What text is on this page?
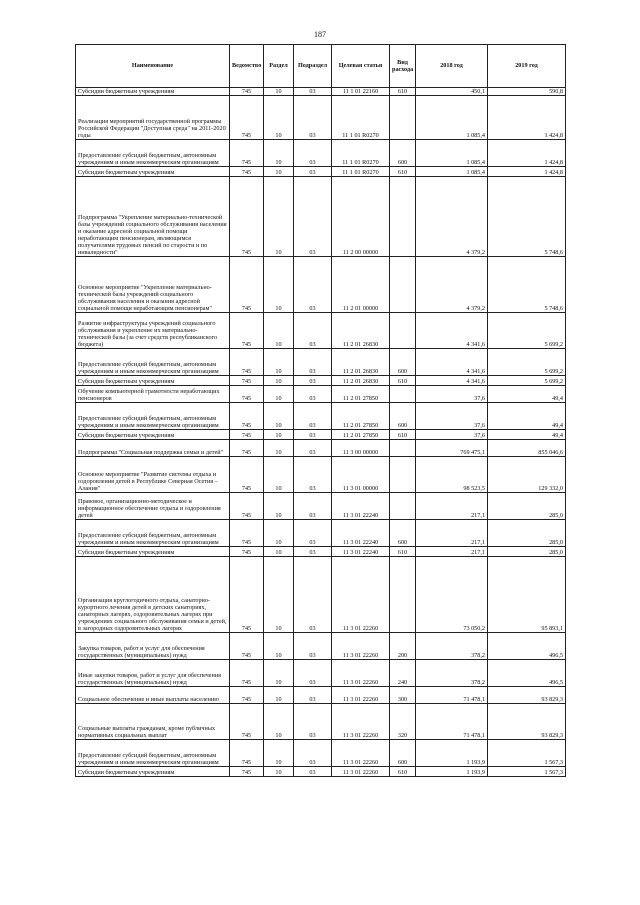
187
Наименование	Ведомство	Раздел	Подраздел	Целевая статья	Вид расхода	2018 год	2019 год
Субсидии бюджетным учреждениям	745	10	03	11 1 01 22160	610	450,1	590,8
Реализация мероприятий государственной программы Российской Федерации "Доступная среда" на 2011-2020 годы	745	10	03	11 1 01 R0270		1 085,4	1 424,8
Предоставление субсидий бюджетным, автономным учреждениям и иным некоммерческим организациям	745	10	03	11 1 01 R0270	600	1 085,4	1 424,8
Субсидии бюджетным учреждениям	745	10	03	11 1 01 R0270	610	1 085,4	1 424,8
Подпрограмма "Укрепление материально-технической базы учреждений социального обслуживания населения и оказание адресной социальной помощи неработающим пенсионерам, являющимся получателями трудовых пенсий по старости и по инвалидности"	745	10	03	11 2 00 00000		4 379,2	5 748,6
Основное мероприятие "Укрепление материально-технической базы учреждений социального обслуживания населения и оказания адресной социальной помощи неработающим пенсионерам"	745	10	03	11 2 01 00000		4 379,2	5 748,6
Развитие инфраструктуры учреждений социального обслуживания и укрепление их материально-технической базы (за счет средств республиканского бюджета)	745	10	03	11 2 01 26830		4 341,6	5 699,2
Предоставление субсидий бюджетным, автономным учреждениям и иным некоммерческим организациям	745	10	03	11 2 01 26830	600	4 341,6	5 699,2
Субсидии бюджетным учреждениям	745	10	03	11 2 01 26830	610	4 341,6	5 699,2
Обучение компьютерной грамотности неработающих пенсионеров	745	10	03	11 2 01 27850		37,6	49,4
Предоставление субсидий бюджетным, автономным учреждениям и иным некоммерческим организациям	745	10	03	11 2 01 27850	600	37,6	49,4
Субсидии бюджетным учреждениям	745	10	03	11 2 01 27850	610	37,6	49,4
Подпрограмма "Социальная поддержка семьи и детей"	745	10	03	11 3 00 00000		769 475,1	855 046,6
Основное мероприятие "Развитие системы отдыха и оздоровления детей в Республике Северная Осетия – Алания"	745	10	03	11 3 01 00000		98 523,5	129 332,0
Правовое, организационно-методическое и информационное обеспечение отдыха и оздоровления детей	745	10	03	11 3 01 22240		217,1	285,0
Предоставление субсидий бюджетным, автономным учреждениям и иным некоммерческим организациям	745	10	03	11 3 01 22240	600	217,1	285,0
Субсидии бюджетным учреждениям	745	10	03	11 3 01 22240	610	217,1	285,0
Организация круглогодичного отдыха, санаторно-курортного лечения детей в детских санаториях, санаторных лагерях, оздоровительных лагерях при учреждениях социального обслуживания семьи и детей, в загородных оздоровительных лагерях	745	10	03	11 3 01 22260		73 050,2	95 893,1
Закупка товаров, работ и услуг для обеспечения государственных (муниципальных) нужд	745	10	03	11 3 01 22260	200	378,2	496,5
Иные закупки товаров, работ и услуг для обеспечения государственных (муниципальных) нужд	745	10	03	11 3 01 22260	240	378,2	496,5
Социальное обеспечение и иные выплаты населению	745	10	03	11 3 01 22260	300	71 478,1	93 829,3
Социальные выплаты гражданам, кроме публичных нормативных социальных выплат	745	10	03	11 3 01 22260	320	71 478,1	93 829,3
Предоставление субсидий бюджетным, автономным учреждениям и иным некоммерческим организациям	745	10	03	11 3 01 22260	600	1 193,9	1 567,3
Субсидии бюджетным учреждениям	745	10	03	11 3 01 22260	610	1 193,9	1 567,3
